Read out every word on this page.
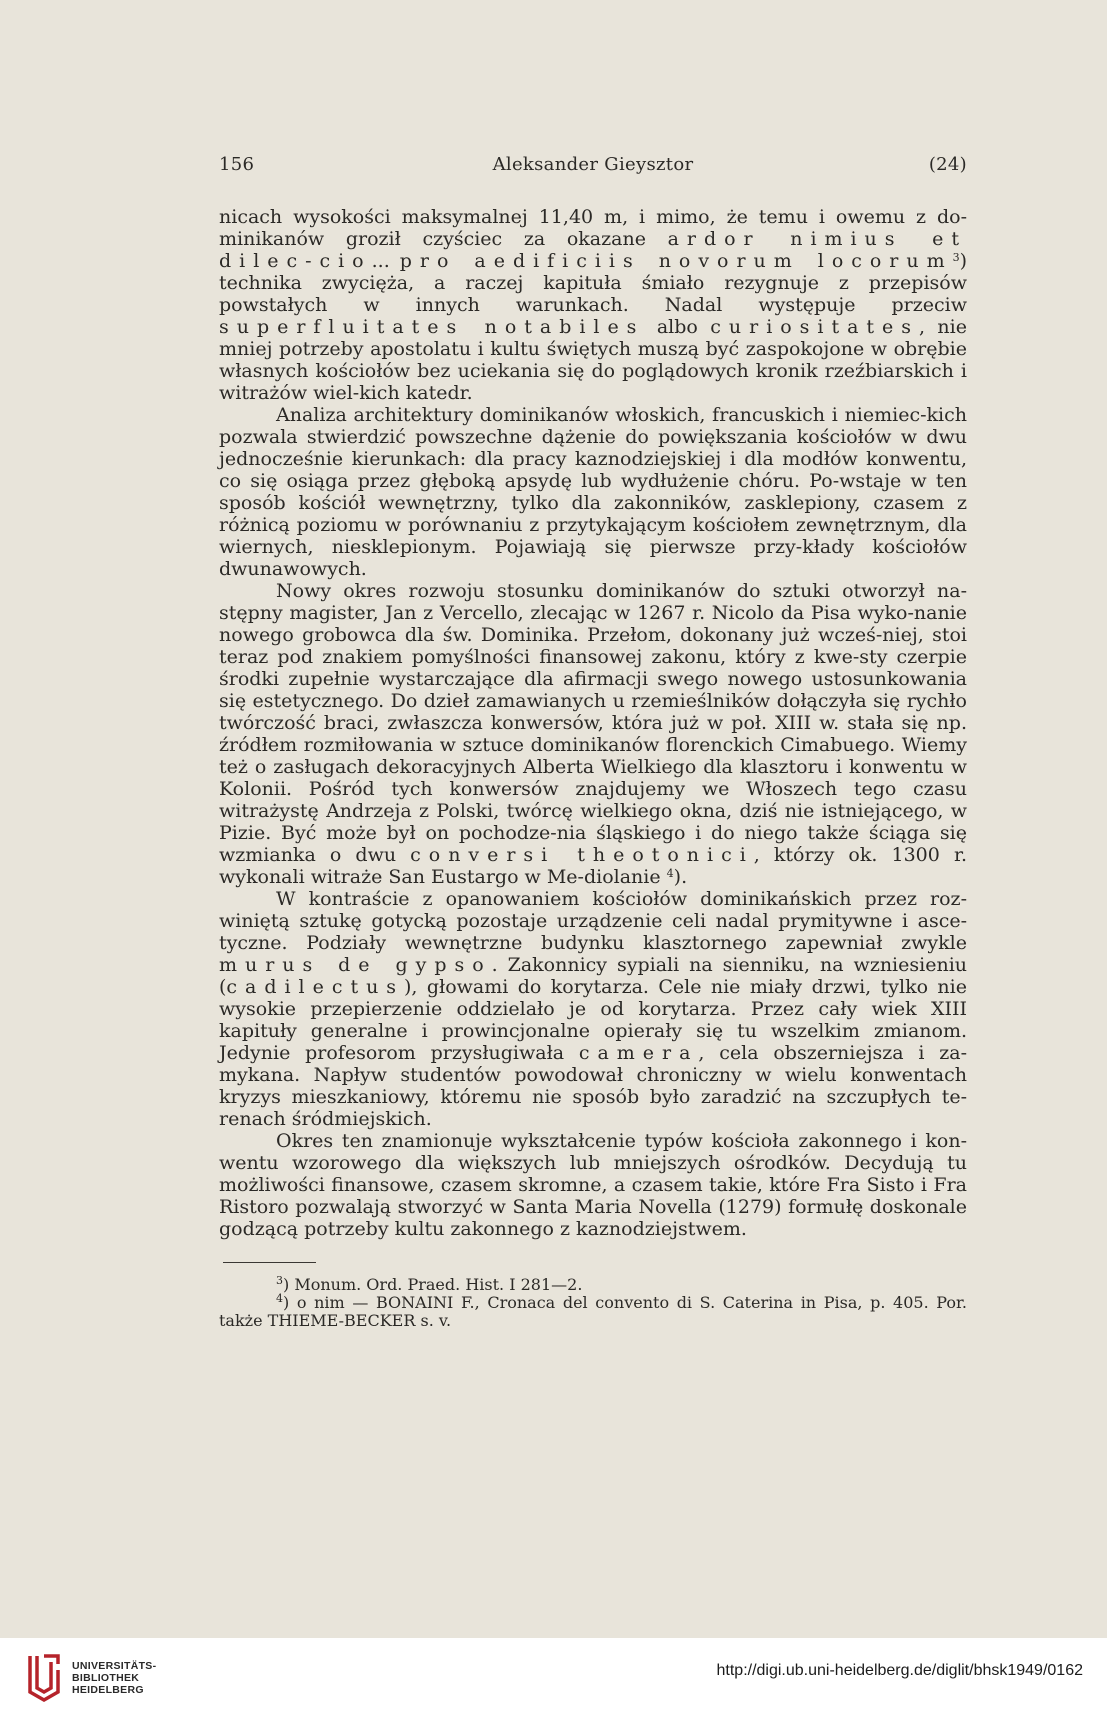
156	Aleksander Gieysztor	(24)

nicach wysokości maksymalnej 11,40 m, i mimo, że temu i owemu z do-minikanów groził czyściec za okazane ardor nimius et dilec-cio... pro aedificiis novorum locorum$^3$) technika zwycięża, a raczej kapituła śmiało rezygnuje z przepisów powstałych w innych warunkach. Nadal występuje przeciw superfluitates notabiles albo curiositates, nie mniej potrzeby apostolatu i kultu świętych muszą być zaspokojone w obrębie własnych kościołów bez uciekania się do poglądowych kronik rzeźbiarskich i witrażów wiel-kich katedr.

Analiza architektury dominikanów włoskich, francuskich i niemiec-kich pozwala stwierdzić powszechne dążenie do powiększania kościołów w dwu jednocześnie kierunkach: dla pracy kaznodziejskiej i dla modłów konwentu, co się osiąga przez głęboką apsydę lub wydłużenie chóru. Po-wstaje w ten sposób kościół wewnętrzny, tylko dla zakonników, zasklepiony, czasem z różnicą poziomu w porównaniu z przytykającym kościołem zewnętrznym, dla wiernych, niesklepionym. Pojawiają się pierwsze przy-kłady kościołów dwunawowych.

Nowy okres rozwoju stosunku dominikanów do sztuki otworzył na-stępny magister, Jan z Vercello, zlecając w 1267 r. Nicolo da Pisa wyko-nanie nowego grobowca dla św. Dominika. Przełom, dokonany już wcześ-niej, stoi teraz pod znakiem pomyślności finansowej zakonu, który z kwe-sty czerpie środki zupełnie wystarczające dla afirmacji swego nowego ustosunkowania się estetycznego. Do dzieł zamawianych u rzemieślników dołączyła się rychło twórczość braci, zwłaszcza konwersów, która już w poł. XIII w. stała się np. źródłem rozmiłowania w sztuce dominikanów florenckich Cimabuego. Wiemy też o zasługach dekoracyjnych Alberta Wielkiego dla klasztoru i konwentu w Kolonii. Pośród tych konwersów znajdujemy we Włoszech tego czasu witrażystę Andrzeja z Polski, twórcę wielkiego okna, dziś nie istniejącego, w Pizie. Być może był on pochodze-nia śląskiego i do niego także ściąga się wzmianka o dwu conversi theotonici, którzy ok. 1300 r. wykonali witraże San Eustargo w Me-diolanie $^4$).

W kontraście z opanowaniem kościołów dominikańskich przez roz-winiętą sztukę gotycką pozostaje urządzenie celi nadal prymitywne i asce-tyczne. Podziały wewnętrzne budynku klasztornego zapewniał zwykle murus de gypso. Zakonnicy sypiali na sienniku, na wzniesieniu (cadilectus), głowami do korytarza. Cele nie miały drzwi, tylko nie wysokie przepierzenie oddzielało je od korytarza. Przez cały wiek XIII kapituły generalne i prowincjonalne opierały się tu wszelkim zmianom. Jedynie profesorom przysługiwała camera, cela obszerniejsza i za-mykana. Napływ studentów powodował chroniczny w wielu konwentach kryzys mieszkaniowy, któremu nie sposób było zaradzić na szczupłych te-renach śródmiejskich.

Okres ten znamionuje wykształcenie typów kościoła zakonnego i kon-wentu wzorowego dla większych lub mniejszych ośrodków. Decydują tu możliwości finansowe, czasem skromne, a czasem takie, które Fra Sisto i Fra Ristoro pozwalają stworzyć w Santa Maria Novella (1279) formułę doskonale godzącą potrzeby kultu zakonnego z kaznodziejstwem.

$^3$) Monum. Ord. Praed. Hist. I 281—2.

$^4$) o nim — BONAINI F., Cronaca del convento di S. Caterina in Pisa, p. 405. Por. także THIEME-BECKER s. v.

UNIVERSITÄTS-
BIBLIOTHEK
HEIDELBERG
http://digi.ub.uni-heidelberg.de/diglit/bhsk1949/0162
